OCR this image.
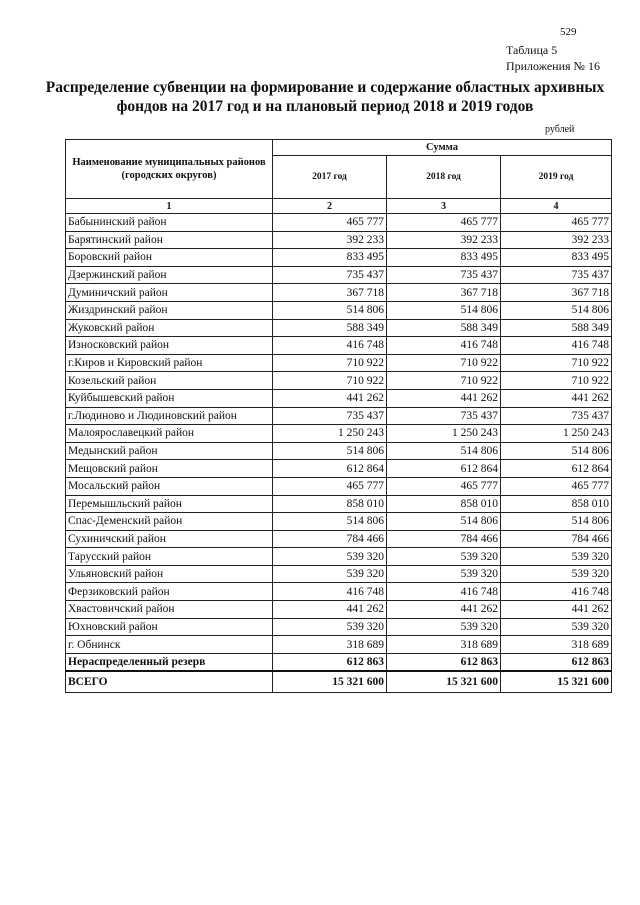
529
Таблица 5
Приложения № 16
Распределение субвенции на формирование и содержание областных архивных
фондов на 2017 год и на плановый период 2018 и 2019 годов
рублей
Наименование муниципальных районов (городских округов)	Сумма		
	2017 год	2018 год	2019 год
1	2	3	4
Бабынинский район	465 777	465 777	465 777
Барятинский район	392 233	392 233	392 233
Боровский район	833 495	833 495	833 495
Дзержинский район	735 437	735 437	735 437
Думиничский район	367 718	367 718	367 718
Жиздринский район	514 806	514 806	514 806
Жуковский район	588 349	588 349	588 349
Износковский район	416 748	416 748	416 748
г.Киров и Кировский район	710 922	710 922	710 922
Козельский район	710 922	710 922	710 922
Куйбышевский район	441 262	441 262	441 262
г.Людиново и Людиновский район	735 437	735 437	735 437
Малоярославецкий район	1 250 243	1 250 243	1 250 243
Медынский район	514 806	514 806	514 806
Мещовский район	612 864	612 864	612 864
Мосальский район	465 777	465 777	465 777
Перемышльский район	858 010	858 010	858 010
Спас-Деменский район	514 806	514 806	514 806
Сухиничский район	784 466	784 466	784 466
Тарусский район	539 320	539 320	539 320
Ульяновский район	539 320	539 320	539 320
Ферзиковский район	416 748	416 748	416 748
Хвастовичский район	441 262	441 262	441 262
Юхновский район	539 320	539 320	539 320
г. Обнинск	318 689	318 689	318 689
Нераспределенный резерв	612 863	612 863	612 863
ВСЕГО	15 321 600	15 321 600	15 321 600
